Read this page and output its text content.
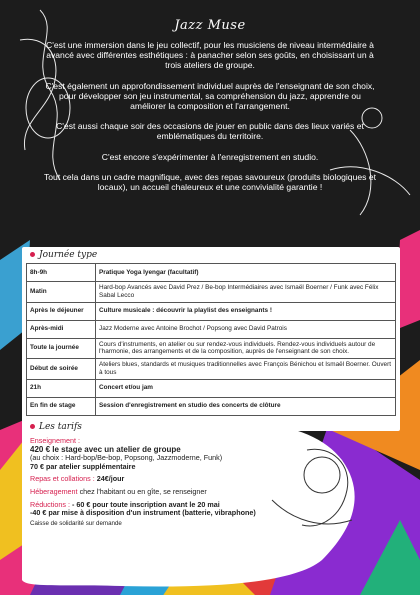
Jazz Muse

C'est une immersion dans le jeu collectif, pour les musiciens de niveau intermédiaire à avancé avec différentes esthétiques : à panacher selon ses goûts, en choisissant un à trois ateliers de groupe.

C'est également un approfondissement individuel auprès de l'enseignant de son choix, pour développer son jeu instrumental, sa compréhension du jazz, apprendre ou améliorer la composition et l'arrangement.

C'est aussi chaque soir des occasions de jouer en public dans des lieux variés et emblématiques du territoire.

C'est encore s'expérimenter à l'enregistrement en studio.

Tout cela dans un cadre magnifique, avec des repas savoureux (produits biologiques et locaux), un accueil chaleureux et une convivialité garantie !

Journée type
8h-9h	Pratique Yoga Iyengar (facultatif)
Matin	Hard-bop Avancés avec David Prez / Be-bop Intermédiaires avec Ismaël Boerner / Funk avec Félix Sabal Lecco
Après le déjeuner	Culture musicale : découvrir la playlist des enseignants !
Après-midi	Jazz Moderne avec Antoine Brochot / Popsong avec David Patrois
Toute la journée	Cours d'instruments, en atelier ou sur rendez-vous individuels. Rendez-vous individuels autour de l'harmonie, des arrangements et de la composition, auprès de l'enseignant de son choix.
Début de soirée	Ateliers blues, standards et musiques traditionnelles avec François Bénichou et Ismaël Boerner. Ouvert à tous
21h	Concert et/ou jam
En fin de stage	Session d'enregistrement en studio des concerts de clôture
Les tarifs
Enseignement :
420 € le stage avec un atelier de groupe
(au choix : Hard-bop/Be-bop, Popsong, Jazzmoderne, Funk)
70 € par atelier supplémentaire
Repas et collations : 24€/jour
Héberagement chez l'habitant ou en gîte, se renseigner
Réductions : - 60 € pour toute inscription avant le 20 mai
-40 € par mise à disposition d'un instrument (batterie, vibraphone)
Caisse de solidarité sur demande
